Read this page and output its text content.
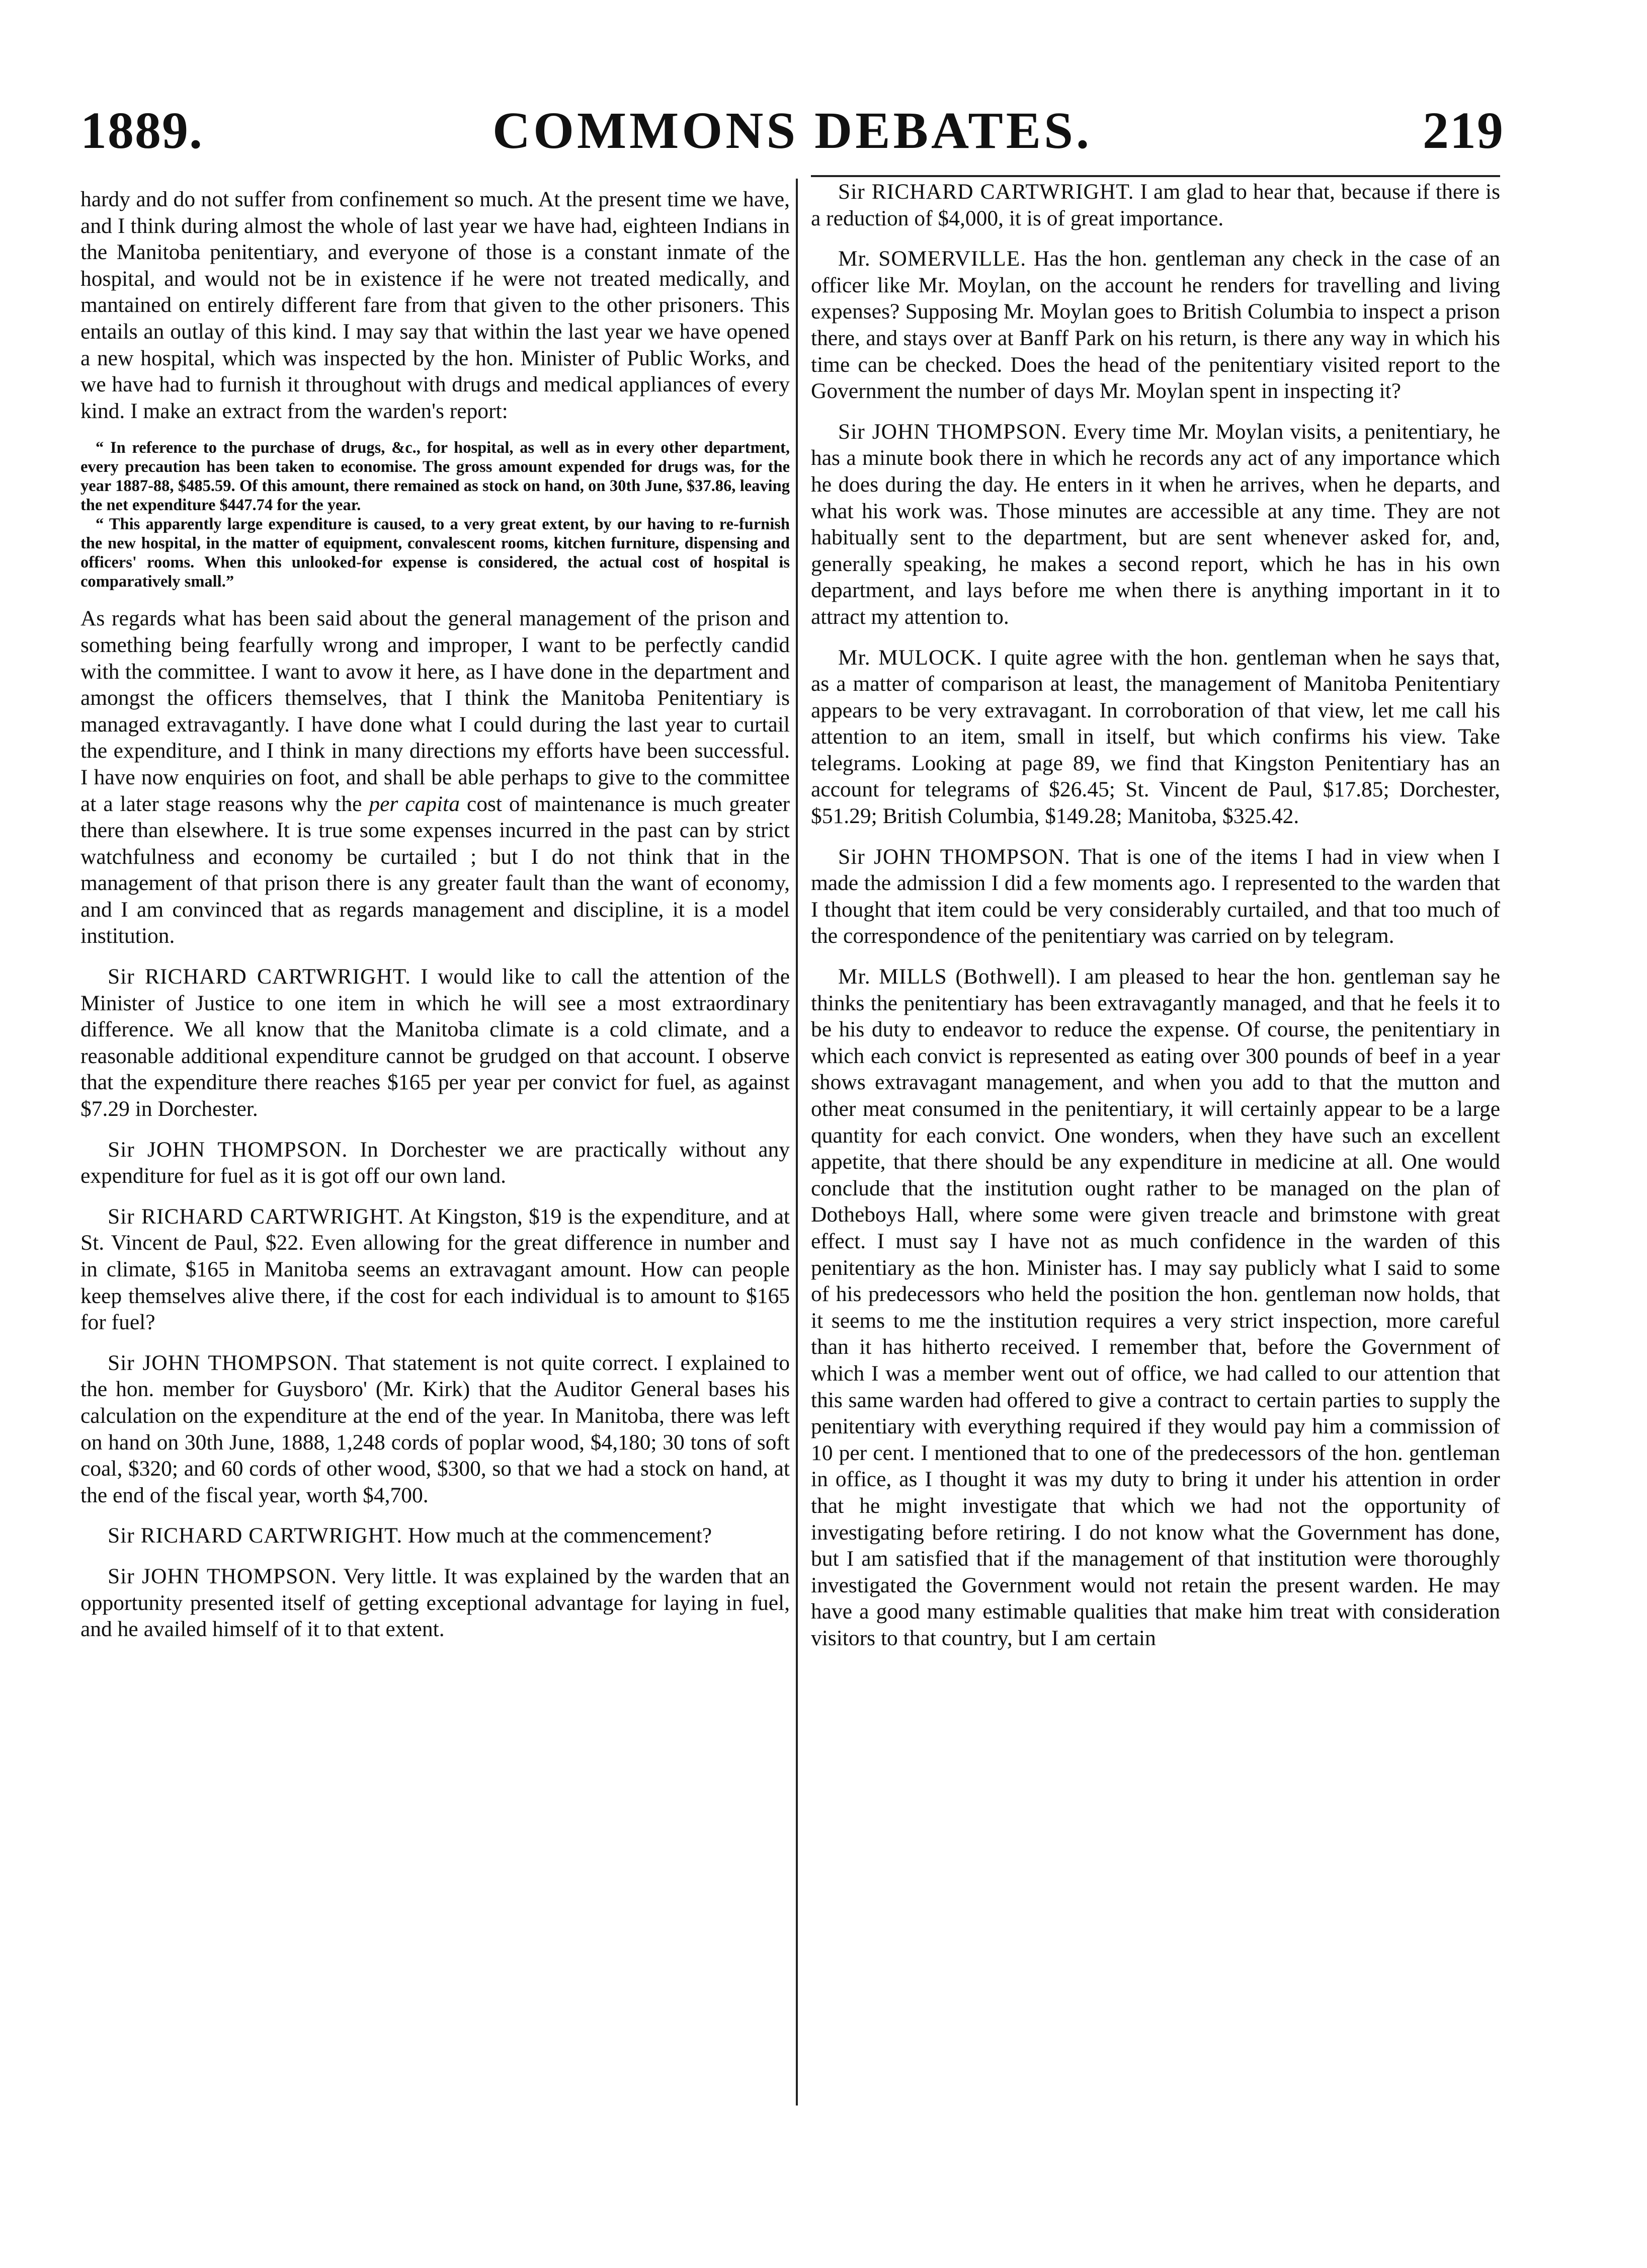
1889.	COMMONS DEBATES.	219

hardy and do not suffer from confinement so much. At the present time we have, and I think during almost the whole of last year we have had, eighteen Indians in the Manitoba penitentiary, and everyone of those is a constant inmate of the hospital, and would not be in existence if he were not treated medically, and mantained on entirely different fare from that given to the other prisoners. This entails an outlay of this kind. I may say that within the last year we have opened a new hospital, which was inspected by the hon. Minister of Public Works, and we have had to furnish it throughout with drugs and medical appliances of every kind. I make an extract from the warden's report:

“ In reference to the purchase of drugs, &c., for hospital, as well as in every other department, every precaution has been taken to economise. The gross amount expended for drugs was, for the year 1887-88, $485.59. Of this amount, there remained as stock on hand, on 30th June, $37.86, leaving the net expenditure $447.74 for the year.

“ This apparently large expenditure is caused, to a very great extent, by our having to re-furnish the new hospital, in the matter of equipment, convalescent rooms, kitchen furniture, dispensing and officers' rooms. When this unlooked-for expense is considered, the actual cost of hospital is comparatively small.”

As regards what has been said about the general management of the prison and something being fearfully wrong and improper, I want to be perfectly candid with the committee. I want to avow it here, as I have done in the department and amongst the officers themselves, that I think the Manitoba Penitentiary is managed extravagantly. I have done what I could during the last year to curtail the expenditure, and I think in many directions my efforts have been successful. I have now enquiries on foot, and shall be able perhaps to give to the committee at a later stage reasons why the per capita cost of maintenance is much greater there than elsewhere. It is true some expenses incurred in the past can by strict watchfulness and economy be curtailed ; but I do not think that in the management of that prison there is any greater fault than the want of economy, and I am convinced that as regards management and discipline, it is a model institution.

Sir RICHARD CARTWRIGHT. I would like to call the attention of the Minister of Justice to one item in which he will see a most extraordinary difference. We all know that the Manitoba climate is a cold climate, and a reasonable additional expenditure cannot be grudged on that account. I observe that the expenditure there reaches $165 per year per convict for fuel, as against $7.29 in Dorchester.

Sir JOHN THOMPSON. In Dorchester we are practically without any expenditure for fuel as it is got off our own land.

Sir RICHARD CARTWRIGHT. At Kingston, $19 is the expenditure, and at St. Vincent de Paul, $22. Even allowing for the great difference in number and in climate, $165 in Manitoba seems an extravagant amount. How can people keep themselves alive there, if the cost for each individual is to amount to $165 for fuel?

Sir JOHN THOMPSON. That statement is not quite correct. I explained to the hon. member for Guysboro' (Mr. Kirk) that the Auditor General bases his calculation on the expenditure at the end of the year. In Manitoba, there was left on hand on 30th June, 1888, 1,248 cords of poplar wood, $4,180; 30 tons of soft coal, $320; and 60 cords of other wood, $300, so that we had a stock on hand, at the end of the fiscal year, worth $4,700.

Sir RICHARD CARTWRIGHT. How much at the commencement?

Sir JOHN THOMPSON. Very little. It was explained by the warden that an opportunity presented itself of getting exceptional advantage for laying in fuel, and he availed himself of it to that extent.

Sir RICHARD CARTWRIGHT. I am glad to hear that, because if there is a reduction of $4,000, it is of great importance.

Mr. SOMERVILLE. Has the hon. gentleman any check in the case of an officer like Mr. Moylan, on the account he renders for travelling and living expenses? Supposing Mr. Moylan goes to British Columbia to inspect a prison there, and stays over at Banff Park on his return, is there any way in which his time can be checked. Does the head of the penitentiary visited report to the Government the number of days Mr. Moylan spent in inspecting it?

Sir JOHN THOMPSON. Every time Mr. Moylan visits, a penitentiary, he has a minute book there in which he records any act of any importance which he does during the day. He enters in it when he arrives, when he departs, and what his work was. Those minutes are accessible at any time. They are not habitually sent to the department, but are sent whenever asked for, and, generally speaking, he makes a second report, which he has in his own department, and lays before me when there is anything important in it to attract my attention to.

Mr. MULOCK. I quite agree with the hon. gentleman when he says that, as a matter of comparison at least, the management of Manitoba Penitentiary appears to be very extravagant. In corroboration of that view, let me call his attention to an item, small in itself, but which confirms his view. Take telegrams. Looking at page 89, we find that Kingston Penitentiary has an account for telegrams of $26.45; St. Vincent de Paul, $17.85; Dorchester, $51.29; British Columbia, $149.28; Manitoba, $325.42.

Sir JOHN THOMPSON. That is one of the items I had in view when I made the admission I did a few moments ago. I represented to the warden that I thought that item could be very considerably curtailed, and that too much of the correspondence of the penitentiary was carried on by telegram.

Mr. MILLS (Bothwell). I am pleased to hear the hon. gentleman say he thinks the penitentiary has been extravagantly managed, and that he feels it to be his duty to endeavor to reduce the expense. Of course, the penitentiary in which each convict is represented as eating over 300 pounds of beef in a year shows extravagant management, and when you add to that the mutton and other meat consumed in the penitentiary, it will certainly appear to be a large quantity for each convict. One wonders, when they have such an excellent appetite, that there should be any expenditure in medicine at all. One would conclude that the institution ought rather to be managed on the plan of Dotheboys Hall, where some were given treacle and brimstone with great effect. I must say I have not as much confidence in the warden of this penitentiary as the hon. Minister has. I may say publicly what I said to some of his predecessors who held the position the hon. gentleman now holds, that it seems to me the institution requires a very strict inspection, more careful than it has hitherto received. I remember that, before the Government of which I was a member went out of office, we had called to our attention that this same warden had offered to give a contract to certain parties to supply the penitentiary with everything required if they would pay him a commission of 10 per cent. I mentioned that to one of the predecessors of the hon. gentleman in office, as I thought it was my duty to bring it under his attention in order that he might investigate that which we had not the opportunity of investigating before retiring. I do not know what the Government has done, but I am satisfied that if the management of that institution were thoroughly investigated the Government would not retain the present warden. He may have a good many estimable qualities that make him treat with consideration visitors to that country, but I am certain
